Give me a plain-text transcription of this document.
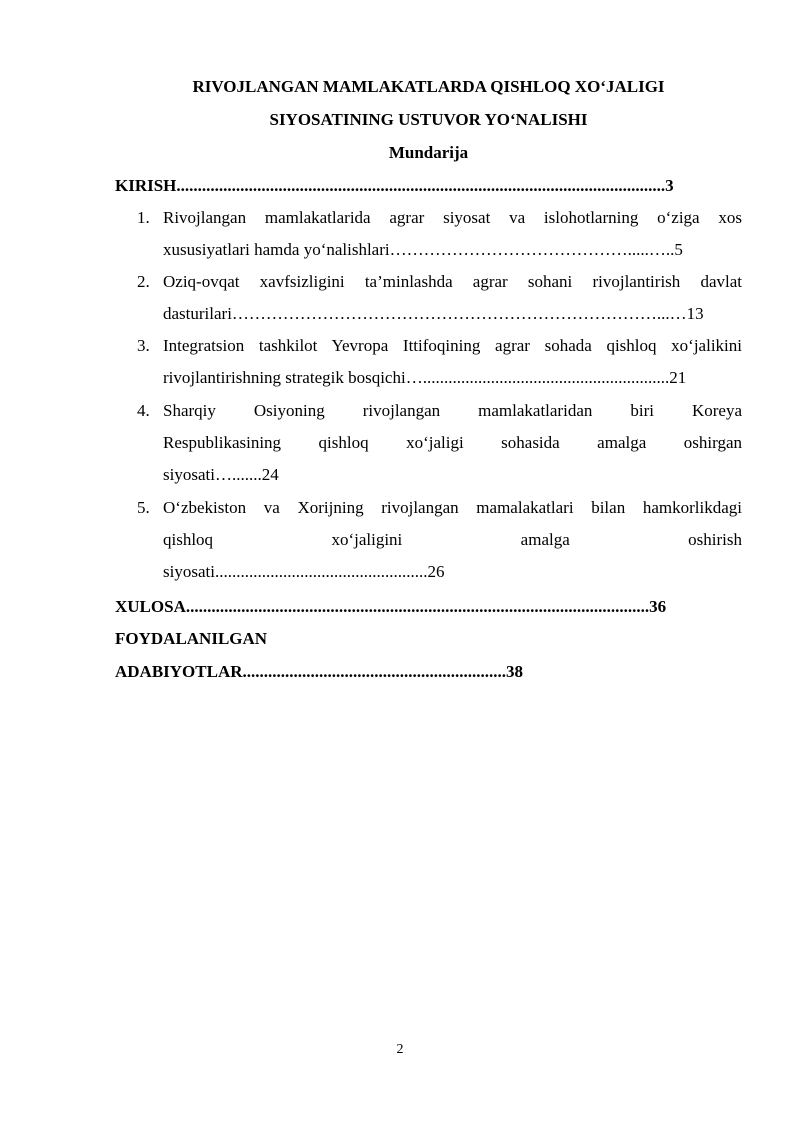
RIVOJLANGAN MAMLAKATLARDA QISHLOQ XO‘JALIGI
SIYOSATINING USTUVOR YO‘NALISHI
Mundarija
KIRISH...................................................................................................................3
1. Rivojlangan mamlakatlarida agrar siyosat va islohotlarning o‘ziga xos
xususiyatlari hamda yo‘nalishlari…………………………………….....…..5
2. Oziq-ovqat xavfsizligini ta’minlashda agrar sohani rivojlantirish davlat
dasturilari…………………………………………………………………...…13
3. Integratsion tashkilot Yevropa Ittifoqining agrar sohada qishloq xo‘jalikini
rivojlantirishning strategik bosqichi…..........................................................21
4. Sharqiy Osiyoning rivojlangan mamlakatlaridan biri Koreya
Respublikasining qishloq xo‘jaligi sohasida amalga oshirgan
siyosati….......24
5. O‘zbekiston va Xorijning rivojlangan mamalakatlari bilan hamkorlikdagi
qishloq xo‘jaligini amalga oshirish
siyosati..................................................26
XULOSA.............................................................................................................36
FOYDALANILGAN
ADABIYOTLAR..............................................................38
2
